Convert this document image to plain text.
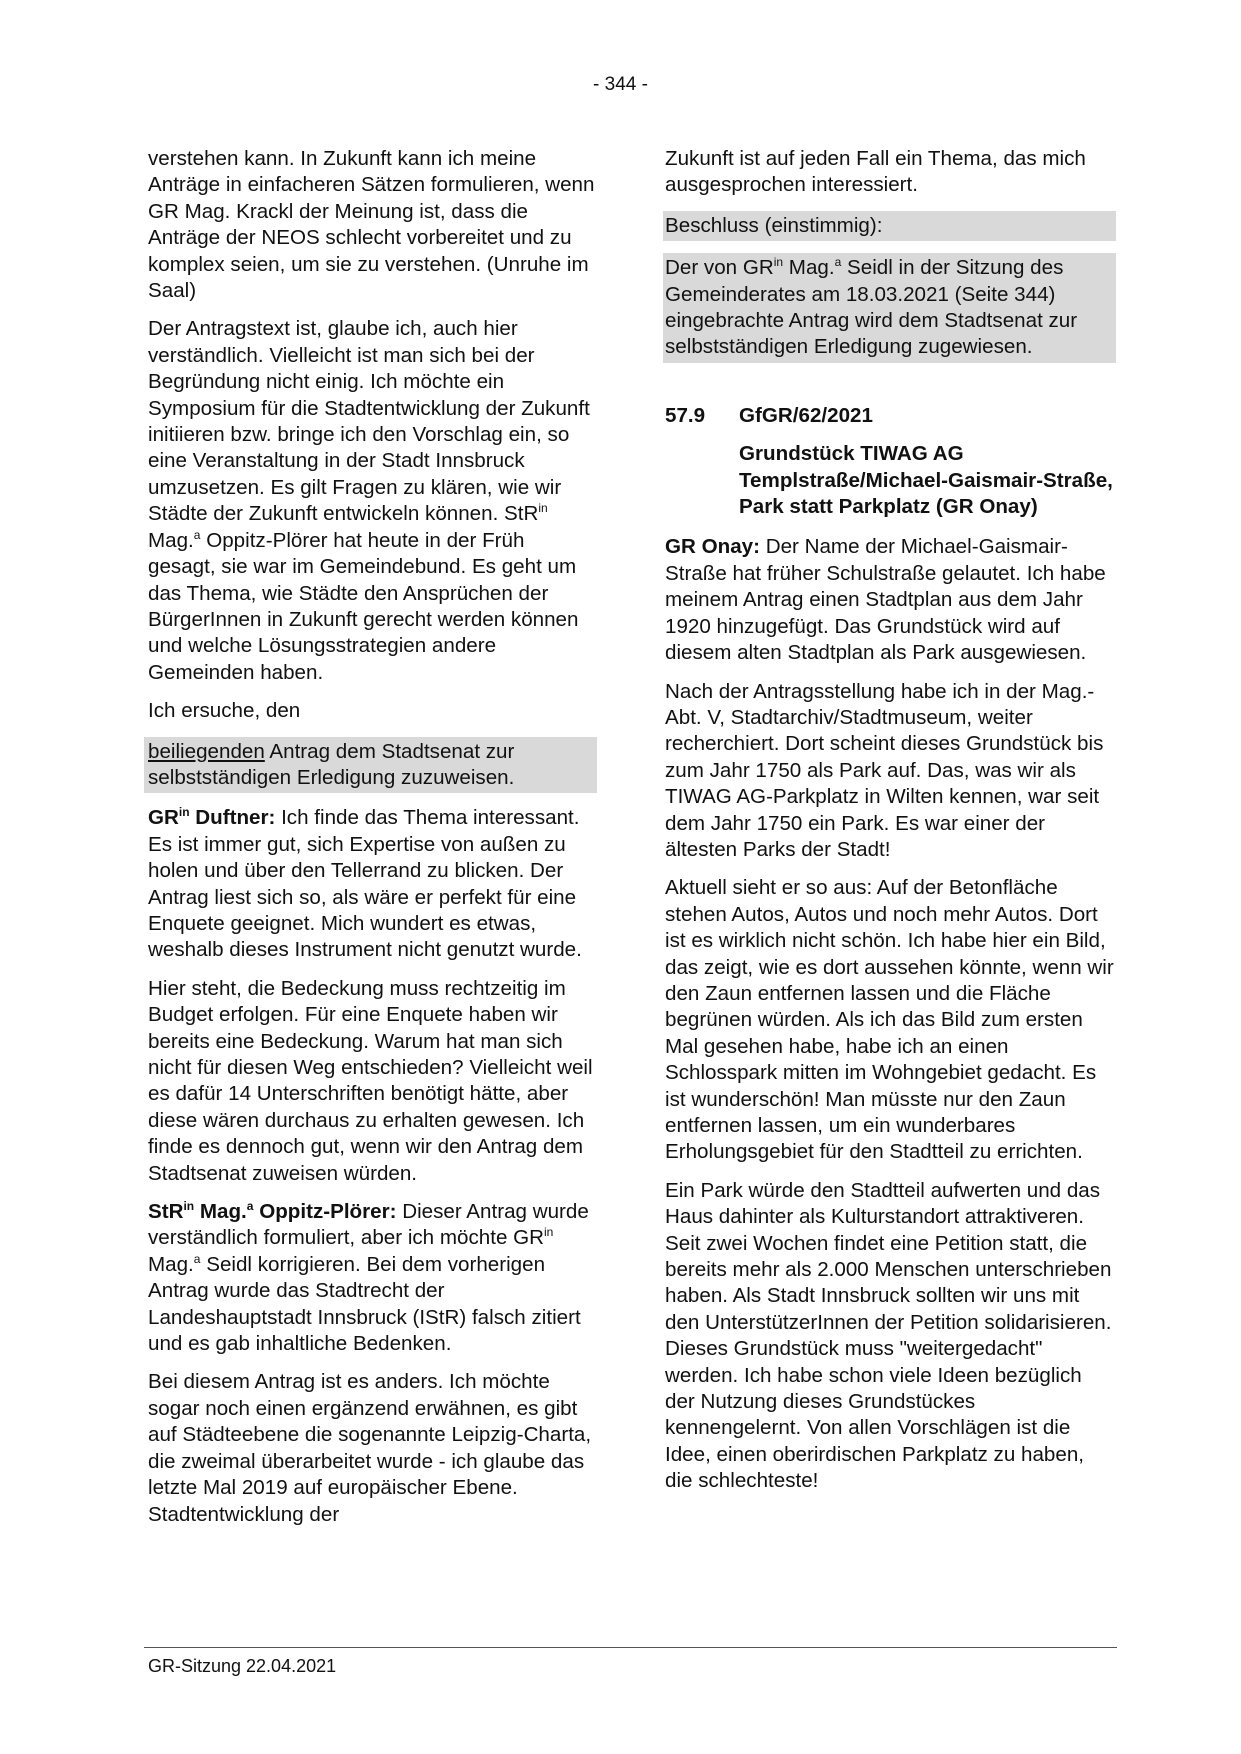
- 344 -

verstehen kann. In Zukunft kann ich meine Anträge in einfacheren Sätzen formulieren, wenn GR Mag. Krackl der Meinung ist, dass die Anträge der NEOS schlecht vorbereitet und zu komplex seien, um sie zu verstehen. (Unruhe im Saal)

Der Antragstext ist, glaube ich, auch hier verständlich. Vielleicht ist man sich bei der Begründung nicht einig. Ich möchte ein Symposium für die Stadtentwicklung der Zukunft initiieren bzw. bringe ich den Vorschlag ein, so eine Veranstaltung in der Stadt Innsbruck umzusetzen. Es gilt Fragen zu klären, wie wir Städte der Zukunft entwickeln können. StR$^{in}$ Mag.$^a$ Oppitz-Plörer hat heute in der Früh gesagt, sie war im Gemeindebund. Es geht um das Thema, wie Städte den Ansprüchen der BürgerInnen in Zukunft gerecht werden können und welche Lösungsstrategien andere Gemeinden haben.

Ich ersuche, den

beiliegenden Antrag dem Stadtsenat zur selbstständigen Erledigung zuzuweisen.

$GR^{in}$ Duftner: Ich finde das Thema interessant. Es ist immer gut, sich Expertise von außen zu holen und über den Tellerrand zu blicken. Der Antrag liest sich so, als wäre er perfekt für eine Enquete geeignet. Mich wundert es etwas, weshalb dieses Instrument nicht genutzt wurde.

Hier steht, die Bedeckung muss rechtzeitig im Budget erfolgen. Für eine Enquete haben wir bereits eine Bedeckung. Warum hat man sich nicht für diesen Weg entschieden? Vielleicht weil es dafür 14 Unterschriften benötigt hätte, aber diese wären durchaus zu erhalten gewesen. Ich finde es dennoch gut, wenn wir den Antrag dem Stadtsenat zuweisen würden.

StR$^{in}$ Mag.$^a$ Oppitz-Plörer: Dieser Antrag wurde verständlich formuliert, aber ich möchte $GR^{in}$ Mag.$^a$ Seidl korrigieren. Bei dem vorherigen Antrag wurde das Stadtrecht der Landeshauptstadt Innsbruck (IStR) falsch zitiert und es gab inhaltliche Bedenken.

Bei diesem Antrag ist es anders. Ich möchte sogar noch einen ergänzend erwähnen, es gibt auf Städteebene die sogenannte Leipzig-Charta, die zweimal überarbeitet wurde - ich glaube das letzte Mal 2019 auf europäischer Ebene. Stadtentwicklung der

Zukunft ist auf jeden Fall ein Thema, das mich ausgesprochen interessiert.

Beschluss (einstimmig):

Der von $GR^{in}$ Mag.$^a$ Seidl in der Sitzung des Gemeinderates am 18.03.2021 (Seite 344) eingebrachte Antrag wird dem Stadtsenat zur selbstständigen Erledigung zugewiesen.

57.9 GfGR/62/2021
Grundstück TIWAG AG Templstraße/Michael-Gaismair-Straße, Park statt Parkplatz (GR Onay)

GR Onay: Der Name der Michael-Gaismair-Straße hat früher Schulstraße gelautet. Ich habe meinem Antrag einen Stadtplan aus dem Jahr 1920 hinzugefügt. Das Grundstück wird auf diesem alten Stadtplan als Park ausgewiesen.

Nach der Antragsstellung habe ich in der Mag.-Abt. V, Stadtarchiv/Stadtmuseum, weiter recherchiert. Dort scheint dieses Grundstück bis zum Jahr 1750 als Park auf. Das, was wir als TIWAG AG-Parkplatz in Wilten kennen, war seit dem Jahr 1750 ein Park. Es war einer der ältesten Parks der Stadt!

Aktuell sieht er so aus: Auf der Betonfläche stehen Autos, Autos und noch mehr Autos. Dort ist es wirklich nicht schön. Ich habe hier ein Bild, das zeigt, wie es dort aussehen könnte, wenn wir den Zaun entfernen lassen und die Fläche begrünen würden. Als ich das Bild zum ersten Mal gesehen habe, habe ich an einen Schlosspark mitten im Wohngebiet gedacht. Es ist wunderschön! Man müsste nur den Zaun entfernen lassen, um ein wunderbares Erholungsgebiet für den Stadtteil zu errichten.

Ein Park würde den Stadtteil aufwerten und das Haus dahinter als Kulturstandort attraktiveren. Seit zwei Wochen findet eine Petition statt, die bereits mehr als 2.000 Menschen unterschrieben haben. Als Stadt Innsbruck sollten wir uns mit den UnterstützerInnen der Petition solidarisieren. Dieses Grundstück muss "weitergedacht" werden. Ich habe schon viele Ideen bezüglich der Nutzung dieses Grundstückes kennengelernt. Von allen Vorschlägen ist die Idee, einen oberirdischen Parkplatz zu haben, die schlechteste!

GR-Sitzung 22.04.2021
